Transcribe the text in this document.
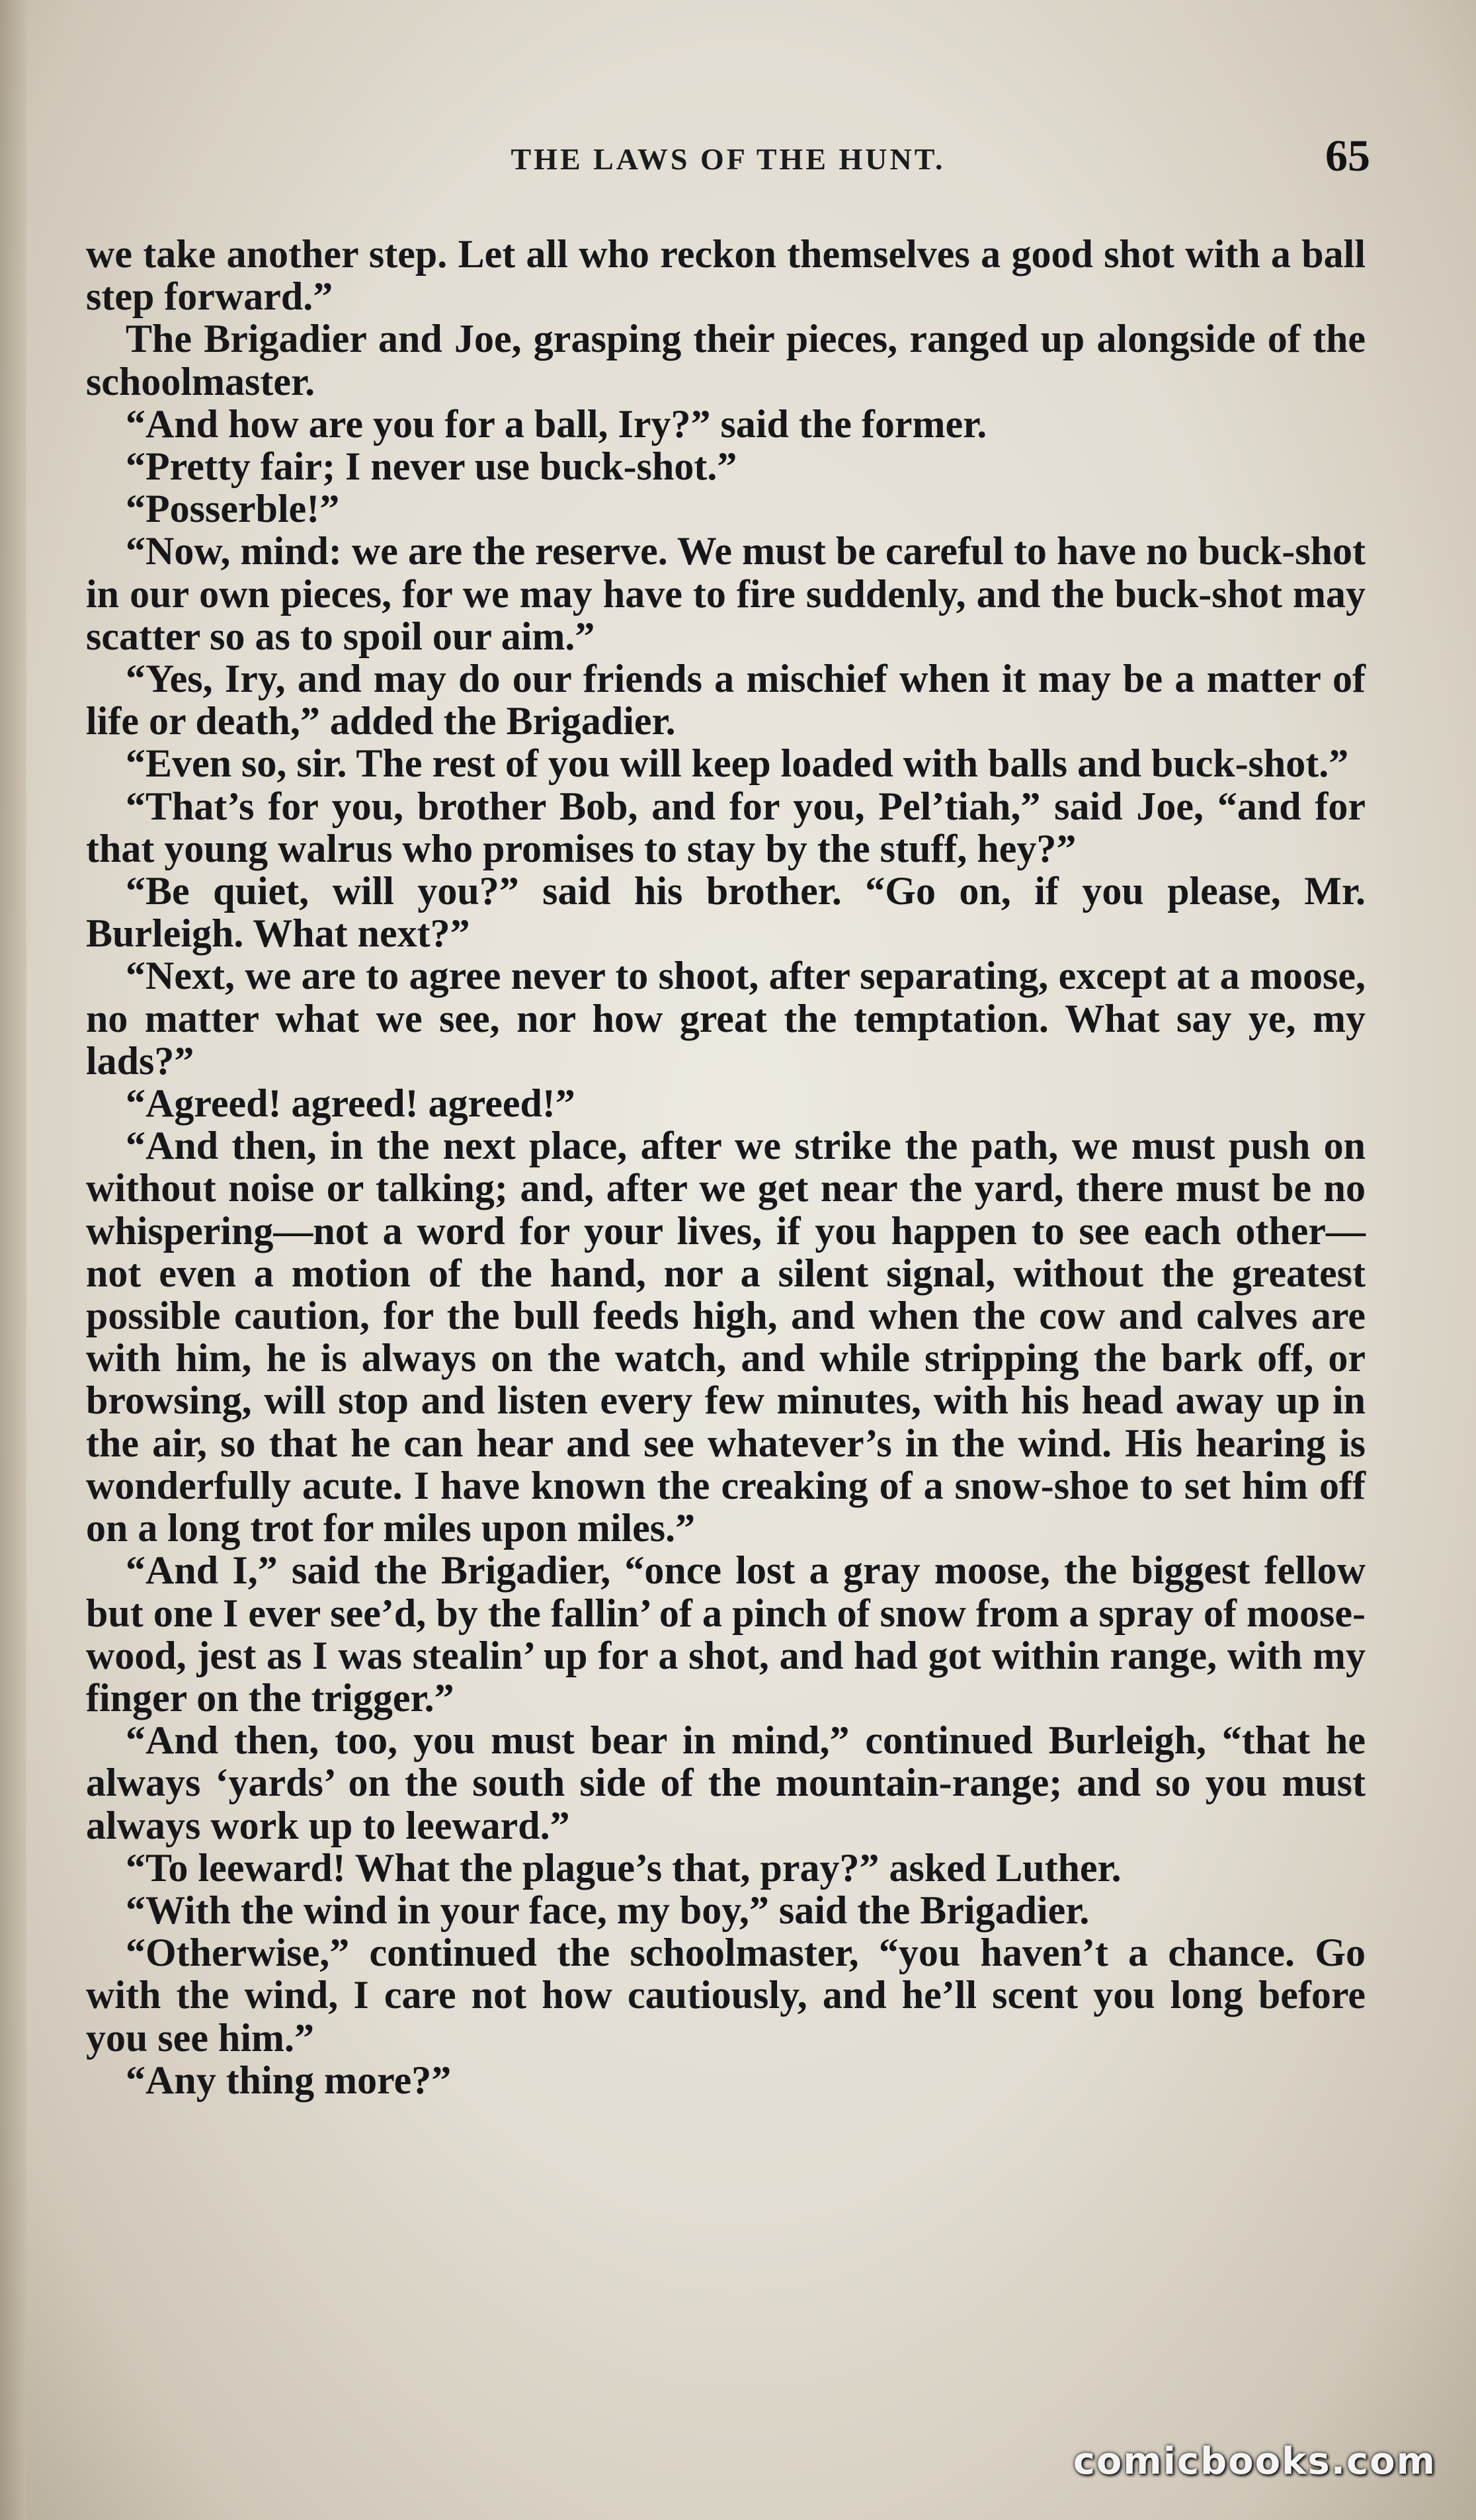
THE LAWS OF THE HUNT.	65

we take another step. Let all who reckon themselves a good shot with a ball step forward.”

The Brigadier and Joe, grasping their pieces, ranged up alongside of the schoolmaster.

“And how are you for a ball, Iry?” said the former.

“Pretty fair; I never use buck-shot.”

“Posserble!”

“Now, mind: we are the reserve. We must be careful to have no buck-shot in our own pieces, for we may have to fire suddenly, and the buck-shot may scatter so as to spoil our aim.”

“Yes, Iry, and may do our friends a mischief when it may be a matter of life or death,” added the Brigadier.

“Even so, sir. The rest of you will keep loaded with balls and buck-shot.”

“That’s for you, brother Bob, and for you, Pel’tiah,” said Joe, “and for that young walrus who promises to stay by the stuff, hey?”

“Be quiet, will you?” said his brother. “Go on, if you please, Mr. Burleigh. What next?”

“Next, we are to agree never to shoot, after separating, except at a moose, no matter what we see, nor how great the temptation. What say ye, my lads?”

“Agreed! agreed! agreed!”

“And then, in the next place, after we strike the path, we must push on without noise or talking; and, after we get near the yard, there must be no whispering—not a word for your lives, if you happen to see each other—not even a motion of the hand, nor a silent signal, without the greatest possible caution, for the bull feeds high, and when the cow and calves are with him, he is always on the watch, and while stripping the bark off, or browsing, will stop and listen every few minutes, with his head away up in the air, so that he can hear and see whatever’s in the wind. His hearing is wonderfully acute. I have known the creaking of a snow-shoe to set him off on a long trot for miles upon miles.”

“And I,” said the Brigadier, “once lost a gray moose, the biggest fellow but one I ever see’d, by the fallin’ of a pinch of snow from a spray of moose-wood, jest as I was stealin’ up for a shot, and had got within range, with my finger on the trigger.”

“And then, too, you must bear in mind,” continued Burleigh, “that he always ‘yards’ on the south side of the mountain-range; and so you must always work up to leeward.”

“To leeward! What the plague’s that, pray?” asked Luther.

“With the wind in your face, my boy,” said the Brigadier.

“Otherwise,” continued the schoolmaster, “you haven’t a chance. Go with the wind, I care not how cautiously, and he’ll scent you long before you see him.”

“Any thing more?”

comicbooks.com
